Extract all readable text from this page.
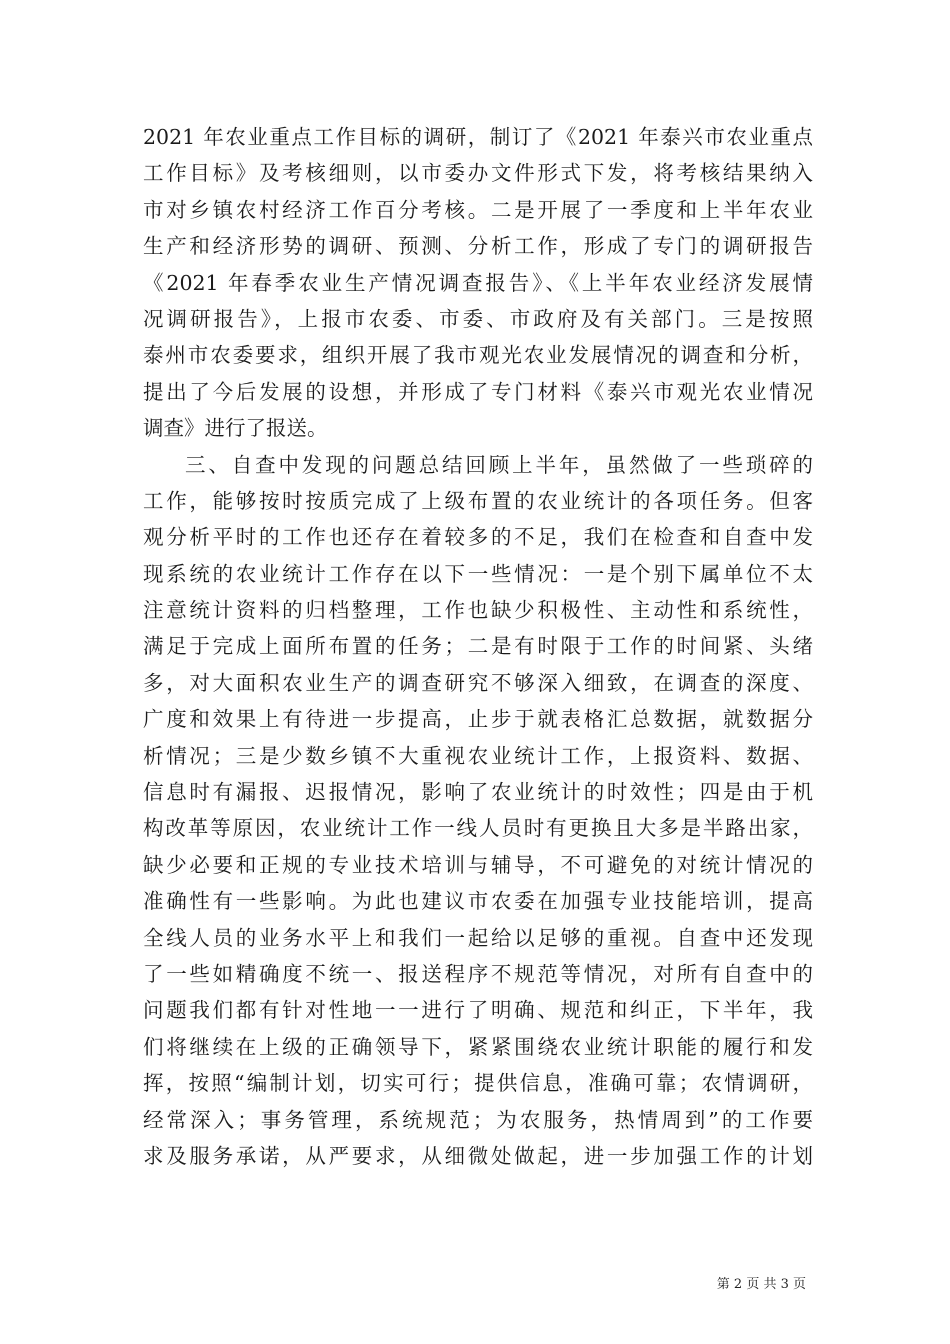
2021 年农业重点工作目标的调研，制订了《2021 年泰兴市农业重点
工作目标》及考核细则，以市委办文件形式下发，将考核结果纳入
市对乡镇农村经济工作百分考核。二是开展了一季度和上半年农业
生产和经济形势的调研、预测、分析工作，形成了专门的调研报告
《2021 年春季农业生产情况调查报告》、《上半年农业经济发展情
况调研报告》，上报市农委、市委、市政府及有关部门。三是按照
泰州市农委要求，组织开展了我市观光农业发展情况的调查和分析，
提出了今后发展的设想，并形成了专门材料《泰兴市观光农业情况
调查》进行了报送。
三、自查中发现的问题总结回顾上半年，虽然做了一些琐碎的
工作，能够按时按质完成了上级布置的农业统计的各项任务。但客
观分析平时的工作也还存在着较多的不足，我们在检查和自查中发
现系统的农业统计工作存在以下一些情况：一是个别下属单位不太
注意统计资料的归档整理，工作也缺少积极性、主动性和系统性，
满足于完成上面所布置的任务；二是有时限于工作的时间紧、头绪
多，对大面积农业生产的调查研究不够深入细致，在调查的深度、
广度和效果上有待进一步提高，止步于就表格汇总数据，就数据分
析情况；三是少数乡镇不大重视农业统计工作，上报资料、数据、
信息时有漏报、迟报情况，影响了农业统计的时效性；四是由于机
构改革等原因，农业统计工作一线人员时有更换且大多是半路出家，
缺少必要和正规的专业技术培训与辅导，不可避免的对统计情况的
准确性有一些影响。为此也建议市农委在加强专业技能培训，提高
全线人员的业务水平上和我们一起给以足够的重视。自查中还发现
了一些如精确度不统一、报送程序不规范等情况，对所有自查中的
问题我们都有针对性地一一进行了明确、规范和纠正，下半年，我
们将继续在上级的正确领导下，紧紧围绕农业统计职能的履行和发
挥，按照“编制计划，切实可行；提供信息，准确可靠；农情调研，
经常深入；事务管理，系统规范；为农服务，热情周到”的工作要
求及服务承诺，从严要求，从细微处做起，进一步加强工作的计划
第 2 页 共 3 页
